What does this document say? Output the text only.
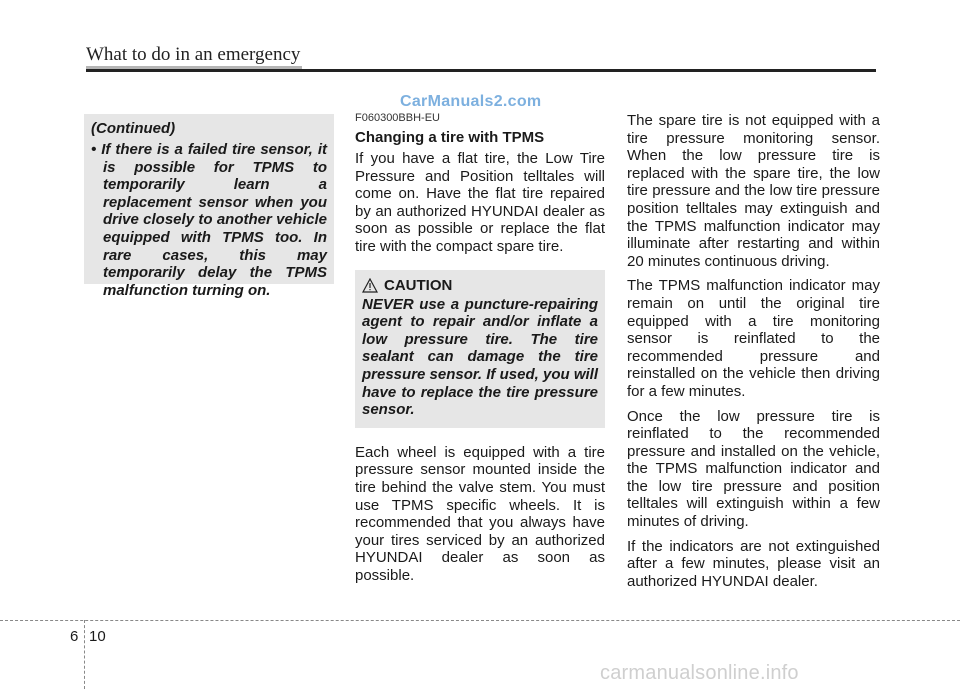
What to do in an emergency
CarManuals2.com

(Continued)

• If there is a failed tire sensor, it is possible for TPMS to temporarily learn a replacement sensor when you drive closely to another vehicle equipped with TPMS too. In rare cases, this may temporarily delay the TPMS malfunction turning on.

F060300BBH-EU

Changing a tire with TPMS

If you have a flat tire, the Low Tire Pressure and Position telltales will come on. Have the flat tire repaired by an authorized HYUNDAI dealer as soon as possible or replace the flat tire with the compact spare tire.

CAUTION

NEVER use a puncture-repairing agent to repair and/or inflate a low pressure tire. The tire sealant can damage the tire pressure sensor. If used, you will have to replace the tire pressure sensor.

Each wheel is equipped with a tire pressure sensor mounted inside the tire behind the valve stem. You must use TPMS specific wheels. It is recommended that you always have your tires serviced by an authorized HYUNDAI dealer as soon as possible.

The spare tire is not equipped with a tire pressure monitoring sensor. When the low pressure tire is replaced with the spare tire, the low tire pressure and the low tire pressure position telltales may extinguish and the TPMS malfunction indicator may illuminate after restarting and within 20 minutes continuous driving.

The TPMS malfunction indicator may remain on until the original tire equipped with a tire monitoring sensor is reinflated to the recommended pressure and reinstalled on the vehicle then driving for a few minutes.

Once the low pressure tire is reinflated to the recommended pressure and installed on the vehicle, the TPMS malfunction indicator and the low tire pressure and position telltales will extinguish within a few minutes of driving.

If the indicators are not extinguished after a few minutes, please visit an authorized HYUNDAI dealer.

6 10
carmanualsonline.info
